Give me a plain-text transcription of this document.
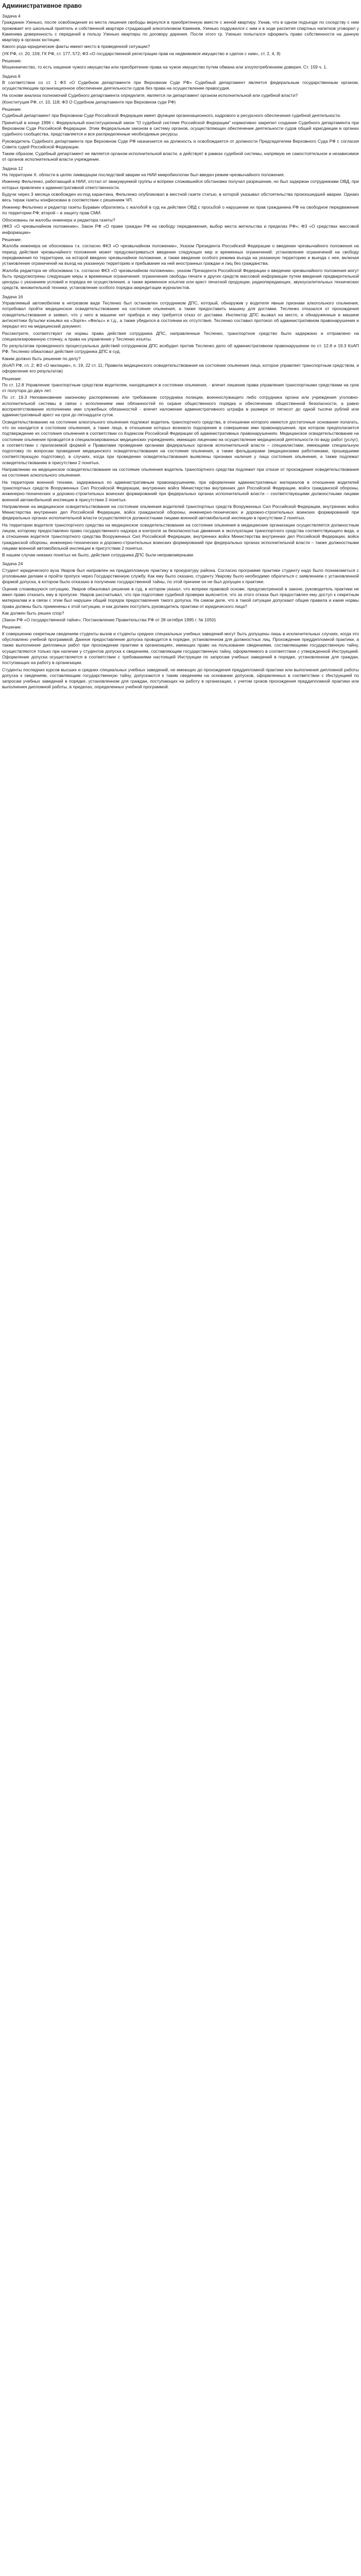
Административное право
Задача 4
Гражданин Узенько, после освобождения из места лишения свободы вернулся в приобретенную вместе с женой квартиру. Узнав, что в одном подъезде по соседству с ним проживает его школьный приятель и собственной квартире страдающий алкоголизмом Каменев, Узенько подружился с ним и в ходе распития спиртных напитков уговорил у Каменева доверенность с передачей в пользу Узенько квартиры по договору дарения. После этого гр. Узенько попытался оформить право собственности на данную квартиру в органах юстиции.
Какого рода юридические факты имеют место в приведенной ситуации?
(УК РФ, ст. 20, 159; ГК РФ, ст. 177, 572; ФЗ «О государственной регистрации прав на недвижимое имущество и сделок с ним», ст. 2, 4, 9)
Решение:
Мошенничество, то есть хищение чужого имущества или приобретение права на чужое имущество путем обмана или злоупотреблением доверия. Ст. 159 ч. 1.
Задача 8
В соответствии со ст. 1 ФЗ «О Судебном департаменте при Верховном Суде РФ» Судебный департамент является федеральным государственным органом, осуществляющим организационное обеспечение деятельности судов без права на осуществление правосудия.
На основе анализа полномочий Судебного департамента определите, является ли департамент органом исполнительной или судебной власти?
(Конституция РФ, ст. 10, 118; ФЗ О Судебном департаменте при Верховном суде РФ)
Решение:
Судебный департамент при Верховном Суде Российской Федерации имеет функции организационного, кадрового и ресурсного обеспечения судебной деятельности.
Принятый в конце 1996 г. Федеральный конституционный закон "О судебной системе Российской Федерации" нормативно закрепил создание Судебного департамента при Верховном Суде Российской Федерации. Этим Федеральным законом в систему органов, осуществляющих обеспечение деятельности судов общей юрисдикции в органах судебного сообщества, представляется и вся распределенные необходимые ресурсы.
Руководитель Судебного департамента при Верховном Суде РФ назначается на должность и освобождается от должности Председателем Верховного Суда РФ с согласия Совета судей Российской Федерации.
Таким образом, Судебный департамент не является органом исполнительной власти, а действует в рамках судебной системы, напрямую не самостоятельное и независимое от органов исполнительной власти учреждение.
Задача 12
На территории Х. области в целях ликвидации последствий аварии на НИИ микробиологии был введен режим чрезвычайного положения.
Инженер Фельгенко, работающий в НИИ, отстал от эвакуируемой группы и вопреки сложившейся обстановки получил разрешение, но был задержан сотрудниками ОВД, при которых привлечен к административной ответственности.
Будучи через 3 месяца освобожден из-под карантина, Фельгенко опубликовал в местной газете статью, в которой указывал обстоятельства произошедшей аварии. Однако весь тираж газеты конфискован в соответствии с решением ЧП.
Инженер Фельгенко и редактор газеты Буравин обратились с жалобой в суд на действия ОВД с просьбой о нарушении их прав гражданина РФ на свободное передвижение по территории РФ; второй – в защиту прав СМИ.
Обоснованы ли жалобы инженера и редактора газеты?
(ФКЗ «О чрезвычайном положении»; Закон РФ «О праве граждан РФ на свободу передвижения, выбор места жительства и пределах РФ»; ФЗ «О средствах массовой информации»
Решение:
Жалоба инженера не обоснована т.к. согласно ФКЗ «О чрезвычайном положении», Указом Президента Российской Федерации о введении чрезвычайного положения на период действия чрезвычайного положения может предусматриваться введение следующих мер и временных ограничений: установление ограничений на свободу передвижения по территории, на которой введено чрезвычайное положение, а также введение особого режима въезда на указанную территорию и выезда с нее, включая установление ограничений на въезд на указанную территорию и пребывание на ней иностранных граждан и лиц без гражданства.
Жалоба редактора не обоснована т.к. согласно ФКЗ «О чрезвычайном положении», указом Президента Российской Федерации о введении чрезвычайного положения могут быть предусмотрены следующие меры и временные ограничения: ограничения свободы печати и других средств массовой информации путем введения предварительной цензуры с указанием условий и порядка ее осуществления, а также временное изъятие или арест печатной продукции, радиопередающих, звукоусилительных технических средств, множительной техники, установление особого порядка аккредитации журналистов.
Задача 16
Управляемый автомобилем в нетрезвом виде Тесленко был остановлен сотрудником ДПС, который, обнаружив у водителя явные признаки алкогольного опьянения, потребовал пройти медицинское освидетельствование на состояние опьянения, а также предоставить машину для доставки. Тесленко отказался от прохождения освидетельствования и заявил, что у него в машине нет прибора и ему требуется отказ от доставки. Инспектор ДПС вызвал на место, и обнаруженные в машине антисептики бутылки коньяка на «Зорге» «Фельс» и т.д., а также убедился в состоянии их отсутствия. Тесленко составил протокол об административном правонарушении и передал его на медицинский документ.
Рассмотрите, соответствуют ли нормы права действия сотрудника ДПС, направленные Тесленко, транспортное средство было задержано и отправлено на специализированную стоянку, а права на управление у Тесленко изъяты.
По результатам проведенного процессуальных действий сотрудником ДПС возбудил против Тесленко дело об административном правонарушении по ст. 12.8 и 19.3 КоАП РФ. Тесленко обжаловал действия сотрудника ДПС в суд.
Каким должно быть решение по делу?
(КоАП РФ, гл. 2; ФЗ «О милиции», п. 19, 22 ст. 11; Правила медицинского освидетельствования на состояние опьянения лица, которое управляет транспортным средством, и оформление его результатов)
Решение:
По ст. 12.8 Управление транспортным средством водителем, находящимся в состоянии опьянения, - влечет лишение права управления транспортными средствами на срок от полутора до двух лет.
По ст. 19.3 Неповиновение законному распоряжению или требованию сотрудника полиции, военнослужащего либо сотрудника органа или учреждения уголовно-исполнительной системы в связи с исполнением ими обязанностей по охране общественного порядка и обеспечению общественной безопасности, а равно воспрепятствование исполнению ими служебных обязанностей - влечет наложение административного штрафа в размере от пятисот до одной тысячи рублей или административный арест на срок до пятнадцати суток.
Освидетельствованию на состояние алкогольного опьянения подлежат водитель транспортного средства, в отношении которого имеются достаточные основания полагать, что он находится в состоянии опьянения, а также лица, в отношении которых возникло подозрение в совершении ими правонарушения, при котором предполагается подтверждение их состояния опьянения в соответствии со Кодексом Российской Федерации об административных правонарушениях. Медицинское освидетельствование на состояние опьянения проводится в специализированных медицинских учреждениях, имеющих лицензию на осуществление медицинской деятельности по виду работ (услуг), в соответствии с прилагаемой формой и Правилами проведения органами федеральных органов исполнительной власти – специалистами, имеющими специальную подготовку по вопросам проведения медицинского освидетельствования на состояние опьянения, а также фельдшерами (медицинскими работниками, прошедшими соответствующую подготовку), в случаях, когда при проведении освидетельствования выявлены признаки наличия у лица состояния опьянения, а также подлежат освидетельствованию в присутствии 2 понятых.
Направлению на медицинское освидетельствование на состояние опьянения водитель транспортного средства подлежит при отказе от прохождения освидетельствования на состояние алкогольного опьянения.
На территории военной техники, задержанных по административным правонарушениям, при оформлении административных материалов в отношении водителей транспортных средств Вооруженных Сил Российской Федерации, внутренних войск Министерства внутренних дел Российской Федерации, войск гражданской обороны, инженерно-технических и дорожно-строительных воинских формирований при федеральных органах исполнительной власти – соответствующими должностными лицами военной автомобильной инспекции в присутствии 2 понятых.
Направление на медицинское освидетельствование на состояние опьянения водителей транспортных средств Вооруженных Сил Российской Федерации, внутренних войск Министерства внутренних дел Российской Федерации, войск гражданской обороны, инженерно-технических и дорожно-строительных воинских формирований при федеральных органах исполнительной власти осуществляется должностными лицами военной автомобильной инспекции в присутствии 2 понятых.
На территории водителя транспортного средства на медицинское освидетельствование на состояние опьянения в медицинские организации осуществляется должностным лицом, которому предоставлено право государственного надзора и контроля за безопасностью движения и эксплуатации транспортного средства соответствующего вида, а в отношении водителя транспортного средства Вооруженных Сил Российской Федерации, внутренних войск Министерства внутренних дел Российской Федерации, войск гражданской обороны, инженерно-технических и дорожно-строительных воинских формирований при федеральных органах исполнительной власти – также должностными лицами военной автомобильной инспекции в присутствии 2 понятых.
В нашем случае никаких понятых не было, действия сотрудника ДПС были неправомерными.
Задача 24
Студент юридического вуза Уваров был направлен на преддипломную практику в прокуратуру района. Согласно программе практики студенту надо было познакомиться с уголовными делами и пройти пропуск через Государственную службу. Как ему было сказано, студенту Уварову было необходимо обратиться с заявлением с установленной формой допуска, в котором было отказано в получении государственной тайны, по этой причине он не был допущен к практике.
Оценив сложившуюся ситуацию, Уваров обжаловал решение в суд, в котором указал, что вопреки правовой основе, предусмотренной в законе, руководитель практики не имел право отказать ему в пропуске. Уваров рассчитывал, что при подготовке судебной проверки выяснится, что за этого отказа был предоставлен ему доступ к секретным материалам и в связи с этим был нарушен общий порядок предоставления такого допуска. На самом деле, что в такой ситуации допускают общие правила и какие нормы права должны быть применены к этой ситуации, и как должен поступить руководитель практики от юридического лица?
Как должен быть решен спор?
(Закон РФ «О государственной тайне»; Постановление Правительства РФ от 28 октября 1995 г. № 1050)
Решение:
К совершению секретным сведениям студенты вызов и студенты средних специальных учебных заведений могут быть допущены лишь в исключительных случаях, когда это обусловлено учебной программой. Данное предоставление допуска проводится в порядке, установленном для должностных лиц. Прохождение преддипломной практики, а также выполнение дипломных работ при прохождении практики в организациях, имеющих право на пользование сведениями, составляющими государственную тайну, осуществляются только при наличии у студентов допуска к сведениям, составляющим государственную тайну, оформляемого в соответствии с утвержденной Инструкцией. Оформление допуска осуществляется в соответствии с требованиями настоящей Инструкции по запросам учебных заведений в порядке, установленном для граждан, поступающих на работу в организации.
Студенты последних курсов высших и средних специальных учебных заведений, не имеющих до прохождения преддипломной практики или выполнения дипломной работы допуска к сведениям, составляющим государственную тайну, допускаются к таким сведениям на основании допусков, оформленных в соответствии с Инструкцией по запросам учебных заведений в порядке, установленном для граждан, поступающих на работу в организации, с учетом сроков прохождения преддипломной практики или выполнения дипломной работы, в пределах, определенных учебной программой.
